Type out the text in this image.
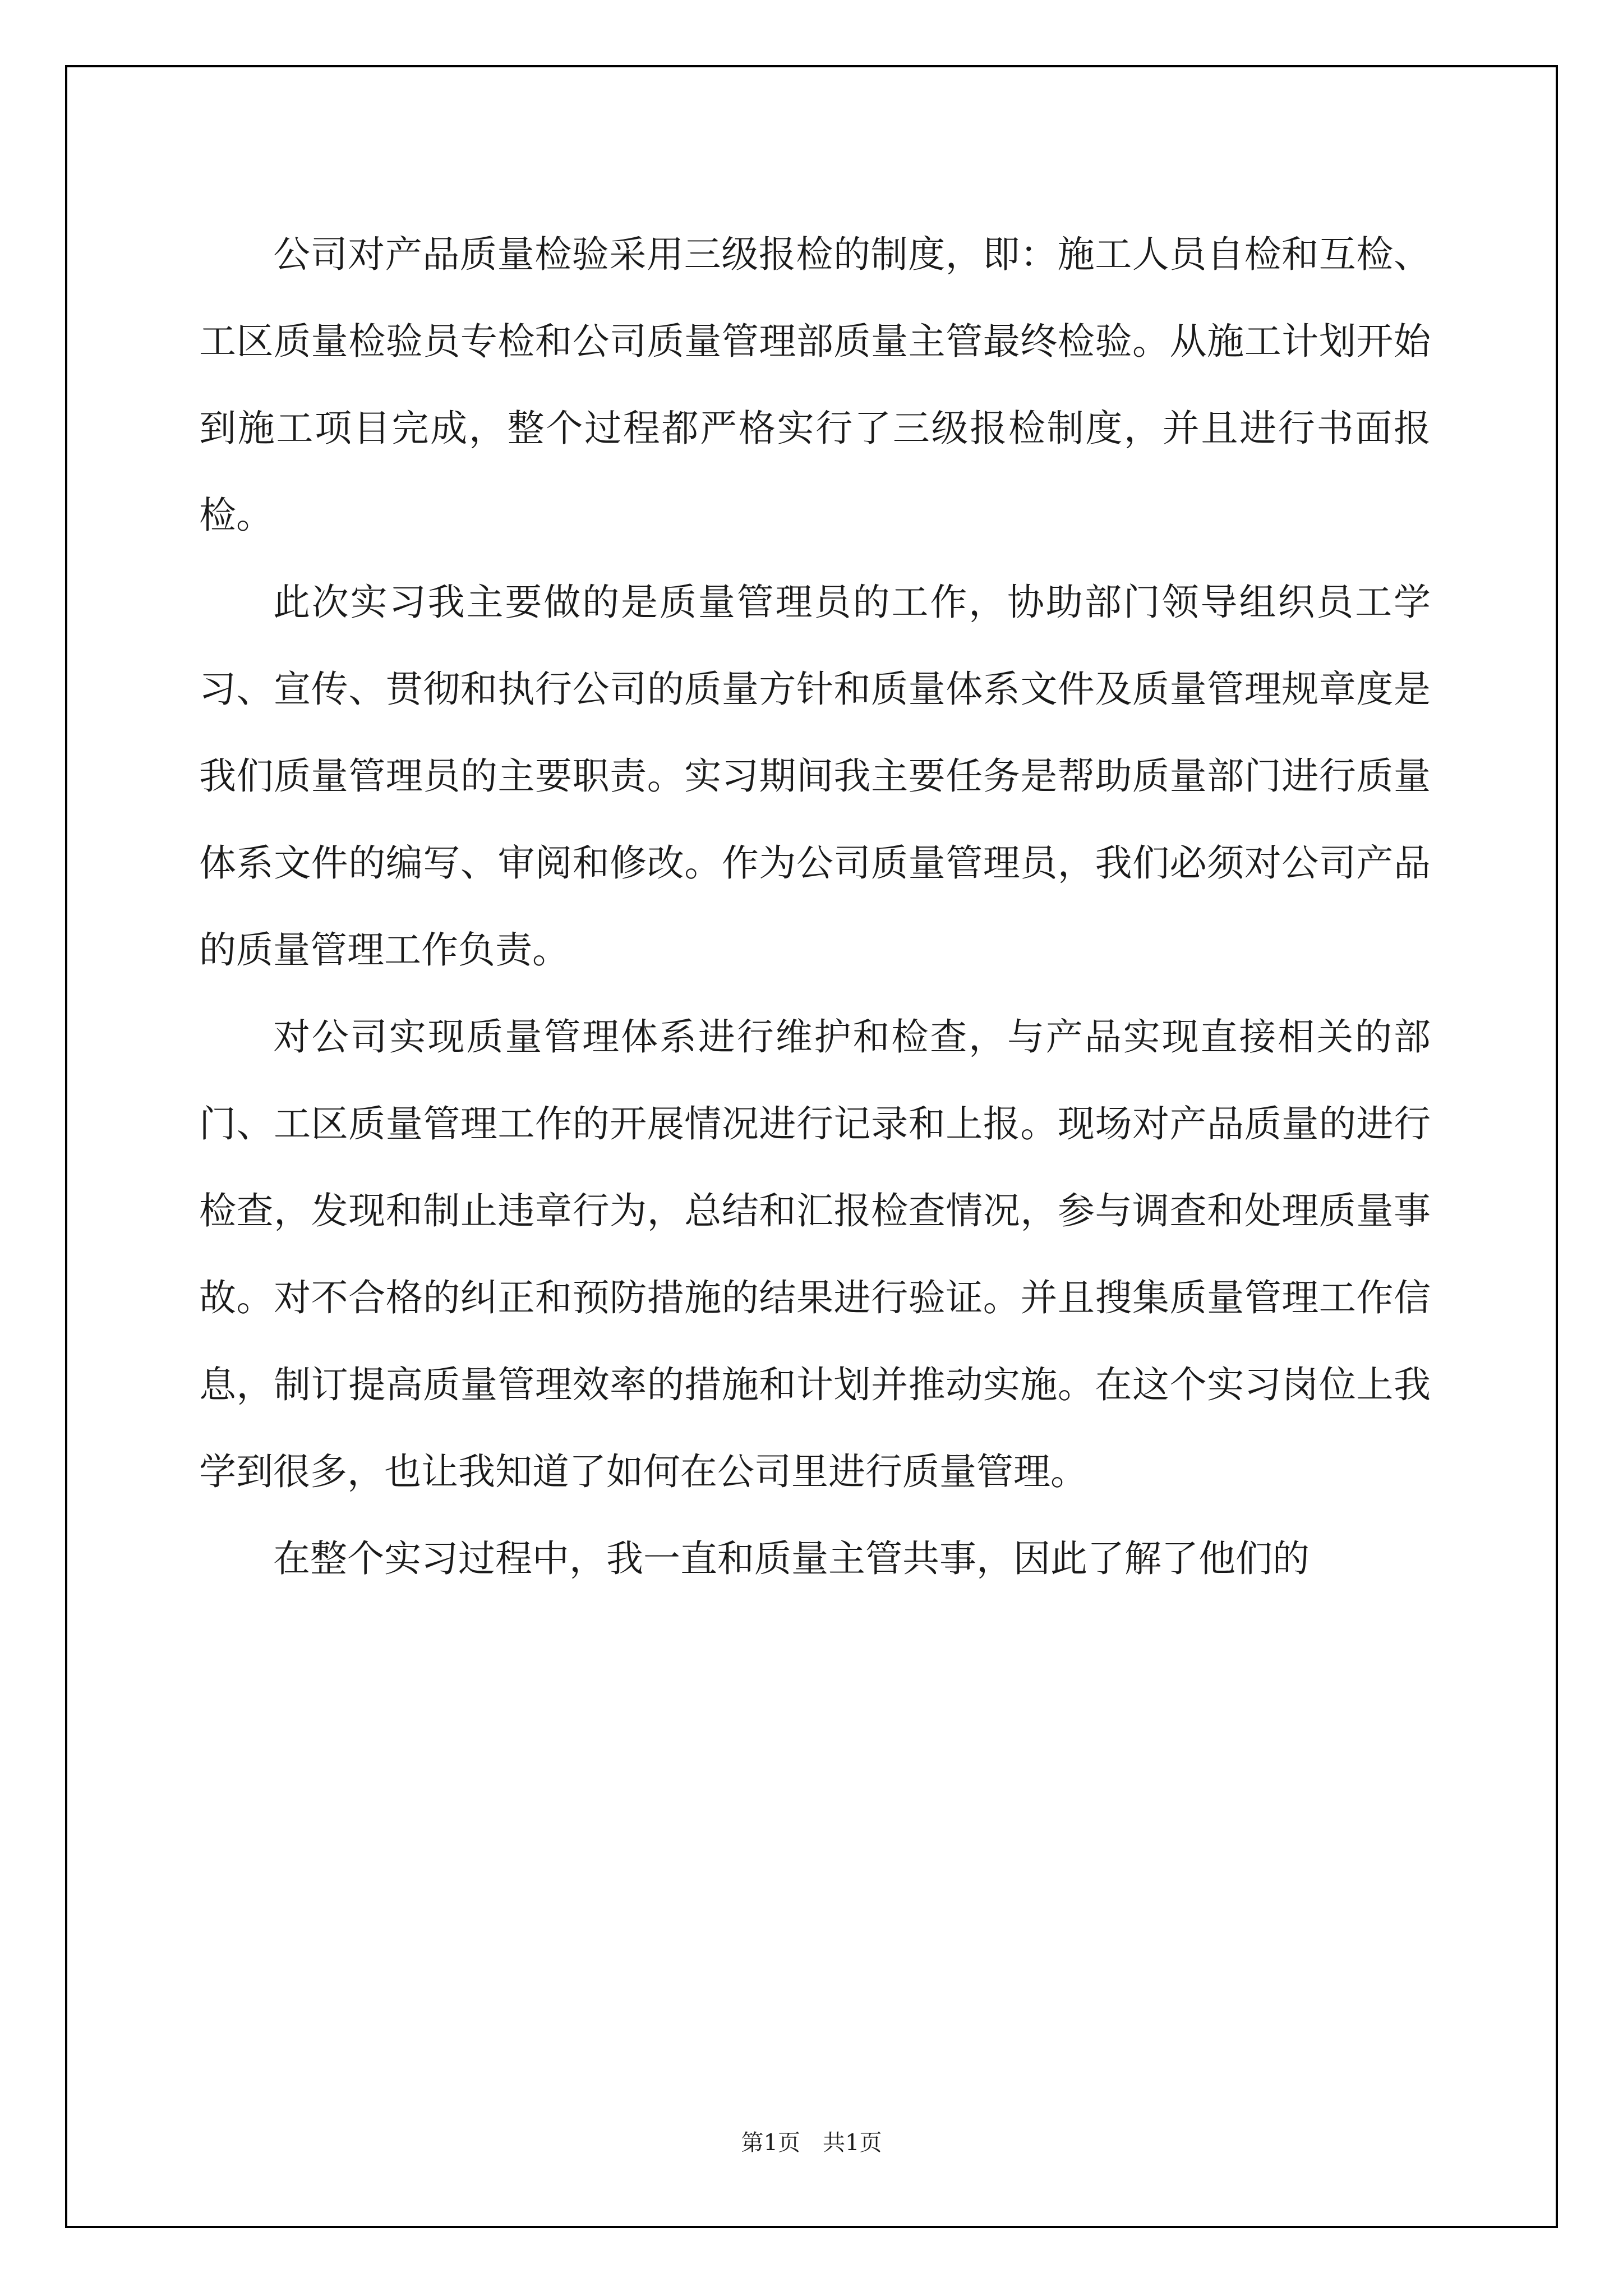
公司对产品质量检验采用三级报检的制度，即：施工人员自检和互检、工区质量检验员专检和公司质量管理部质量主管最终检验。从施工计划开始到施工项目完成，整个过程都严格实行了三级报检制度，并且进行书面报检。

此次实习我主要做的是质量管理员的工作，协助部门领导组织员工学习、宣传、贯彻和执行公司的质量方针和质量体系文件及质量管理规章度是我们质量管理员的主要职责。实习期间我主要任务是帮助质量部门进行质量体系文件的编写、审阅和修改。作为公司质量管理员，我们必须对公司产品的质量管理工作负责。

对公司实现质量管理体系进行维护和检查，与产品实现直接相关的部门、工区质量管理工作的开展情况进行记录和上报。现场对产品质量的进行检查，发现和制止违章行为，总结和汇报检查情况，参与调查和处理质量事故。对不合格的纠正和预防措施的结果进行验证。并且搜集质量管理工作信息，制订提高质量管理效率的措施和计划并推动实施。在这个实习岗位上我学到很多，也让我知道了如何在公司里进行质量管理。

在整个实习过程中，我一直和质量主管共事，因此了解了他们的

第1页 共1页
